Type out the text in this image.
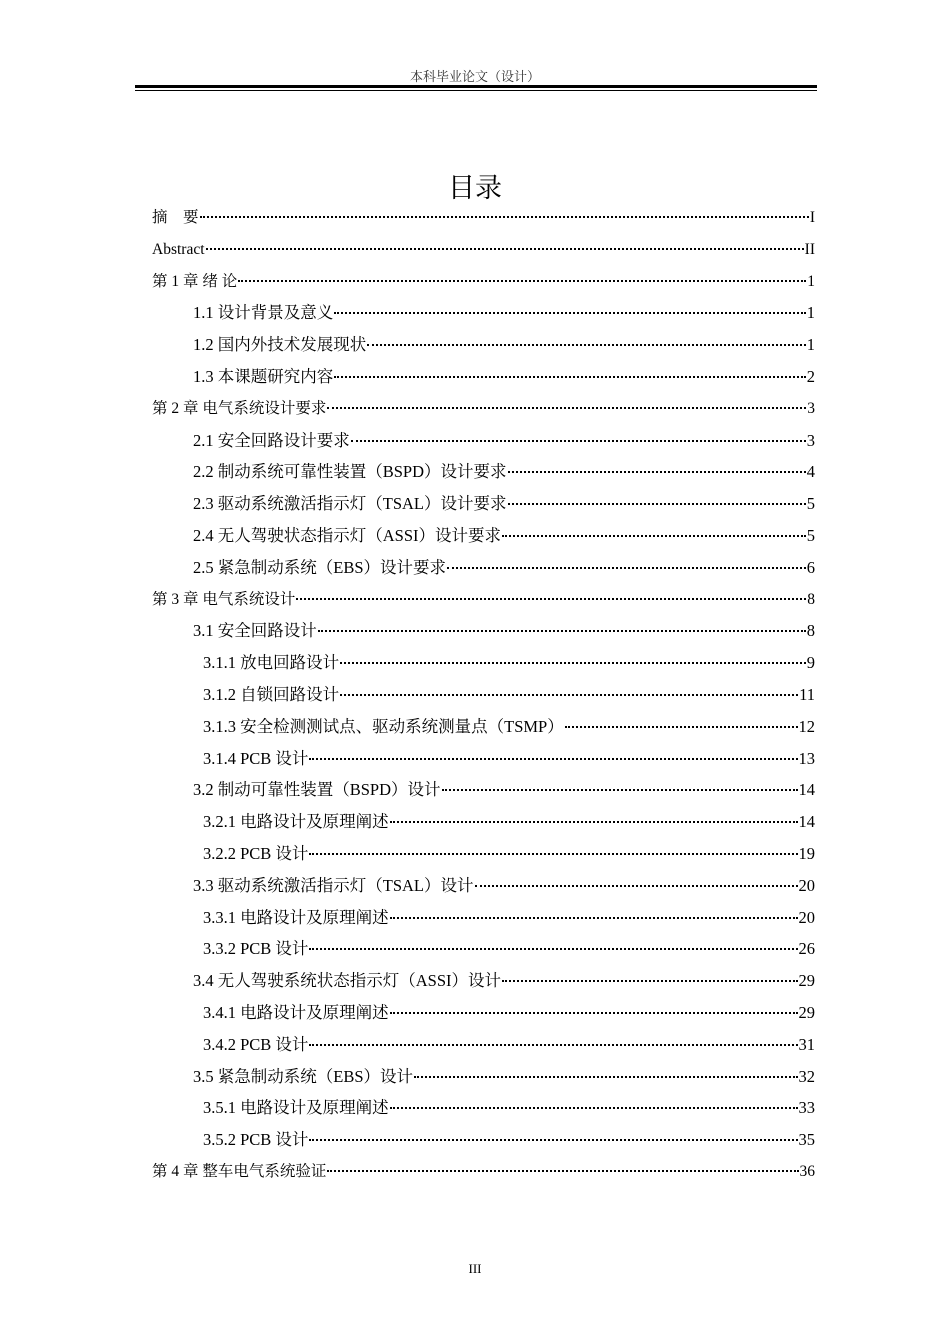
本科毕业论文（设计）
目录
摘　要	I
Abstract	II
第 1 章 绪 论	1
1.1 设计背景及意义	1
1.2 国内外技术发展现状	1
1.3 本课题研究内容	2
第 2 章 电气系统设计要求	3
2.1 安全回路设计要求	3
2.2 制动系统可靠性装置（BSPD）设计要求	4
2.3 驱动系统激活指示灯（TSAL）设计要求	5
2.4 无人驾驶状态指示灯（ASSI）设计要求	5
2.5 紧急制动系统（EBS）设计要求	6
第 3 章 电气系统设计	8
3.1 安全回路设计	8
3.1.1 放电回路设计	9
3.1.2 自锁回路设计	11
3.1.3 安全检测测试点、驱动系统测量点（TSMP）	12
3.1.4 PCB 设计	13
3.2 制动可靠性装置（BSPD）设计	14
3.2.1 电路设计及原理阐述	14
3.2.2 PCB 设计	19
3.3 驱动系统激活指示灯（TSAL）设计	20
3.3.1 电路设计及原理阐述	20
3.3.2 PCB 设计	26
3.4 无人驾驶系统状态指示灯（ASSI）设计	29
3.4.1 电路设计及原理阐述	29
3.4.2 PCB 设计	31
3.5 紧急制动系统（EBS）设计	32
3.5.1 电路设计及原理阐述	33
3.5.2 PCB 设计	35
第 4 章 整车电气系统验证	36
III
